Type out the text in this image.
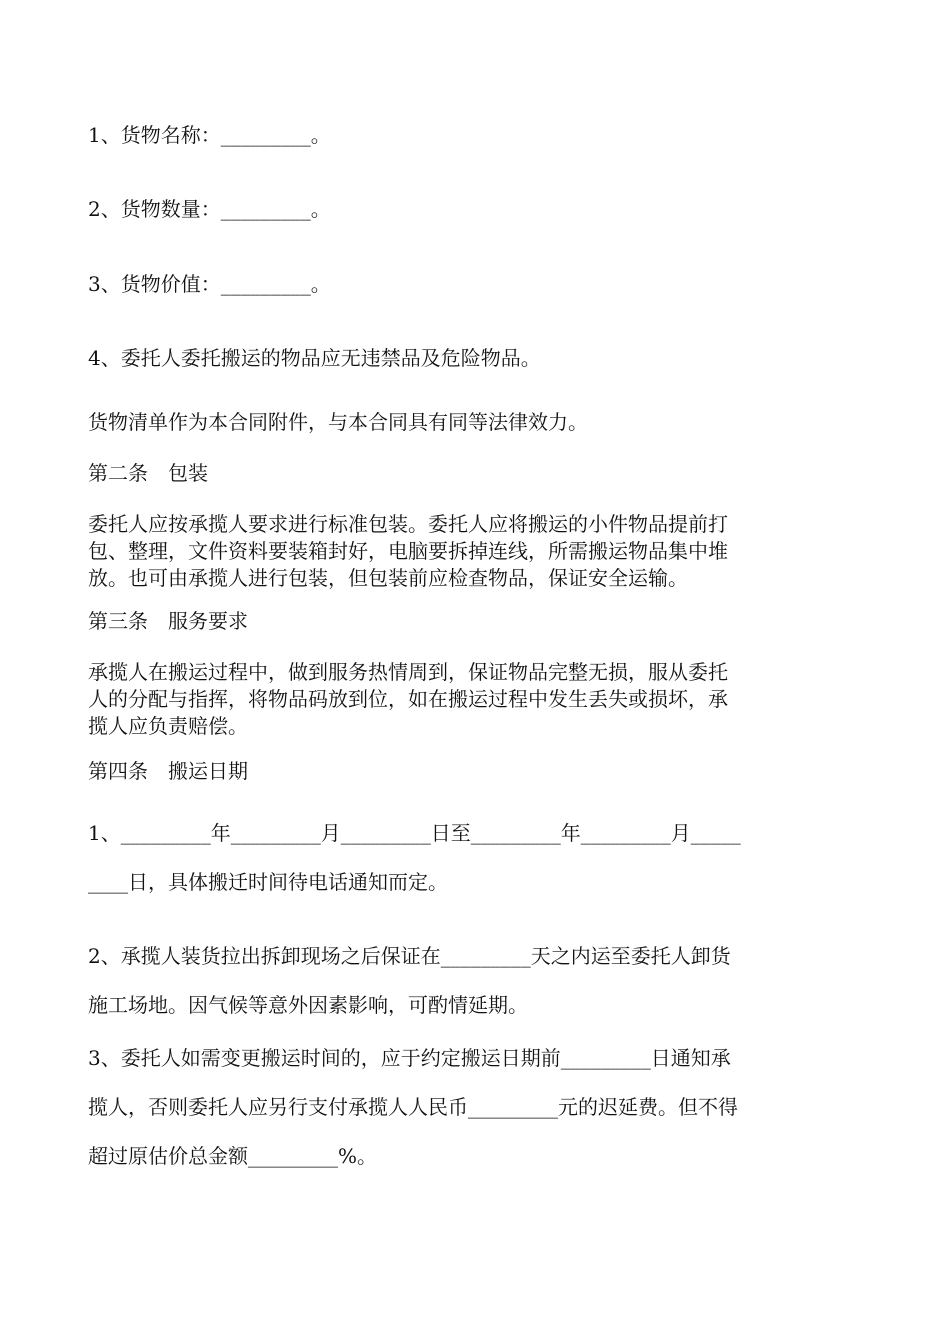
1、货物名称：_________。
2、货物数量：_________。
3、货物价值：_________。
4、委托人委托搬运的物品应无违禁品及危险物品。
货物清单作为本合同附件，与本合同具有同等法律效力。
第二条　包装
委托人应按承揽人要求进行标准包装。委托人应将搬运的小件物品提前打
包、整理，文件资料要装箱封好，电脑要拆掉连线，所需搬运物品集中堆
放。也可由承揽人进行包装，但包装前应检查物品，保证安全运输。
第三条　服务要求
承揽人在搬运过程中，做到服务热情周到，保证物品完整无损，服从委托
人的分配与指挥，将物品码放到位，如在搬运过程中发生丢失或损坏，承
揽人应负责赔偿。
第四条　搬运日期
1、_________年_________月_________日至_________年_________月_____
____日，具体搬迁时间待电话通知而定。
2、承揽人装货拉出拆卸现场之后保证在_________天之内运至委托人卸货
施工场地。因气候等意外因素影响，可酌情延期。
3、委托人如需变更搬运时间的，应于约定搬运日期前_________日通知承
揽人，否则委托人应另行支付承揽人人民币_________元的迟延费。但不得
超过原估价总金额_________%。
